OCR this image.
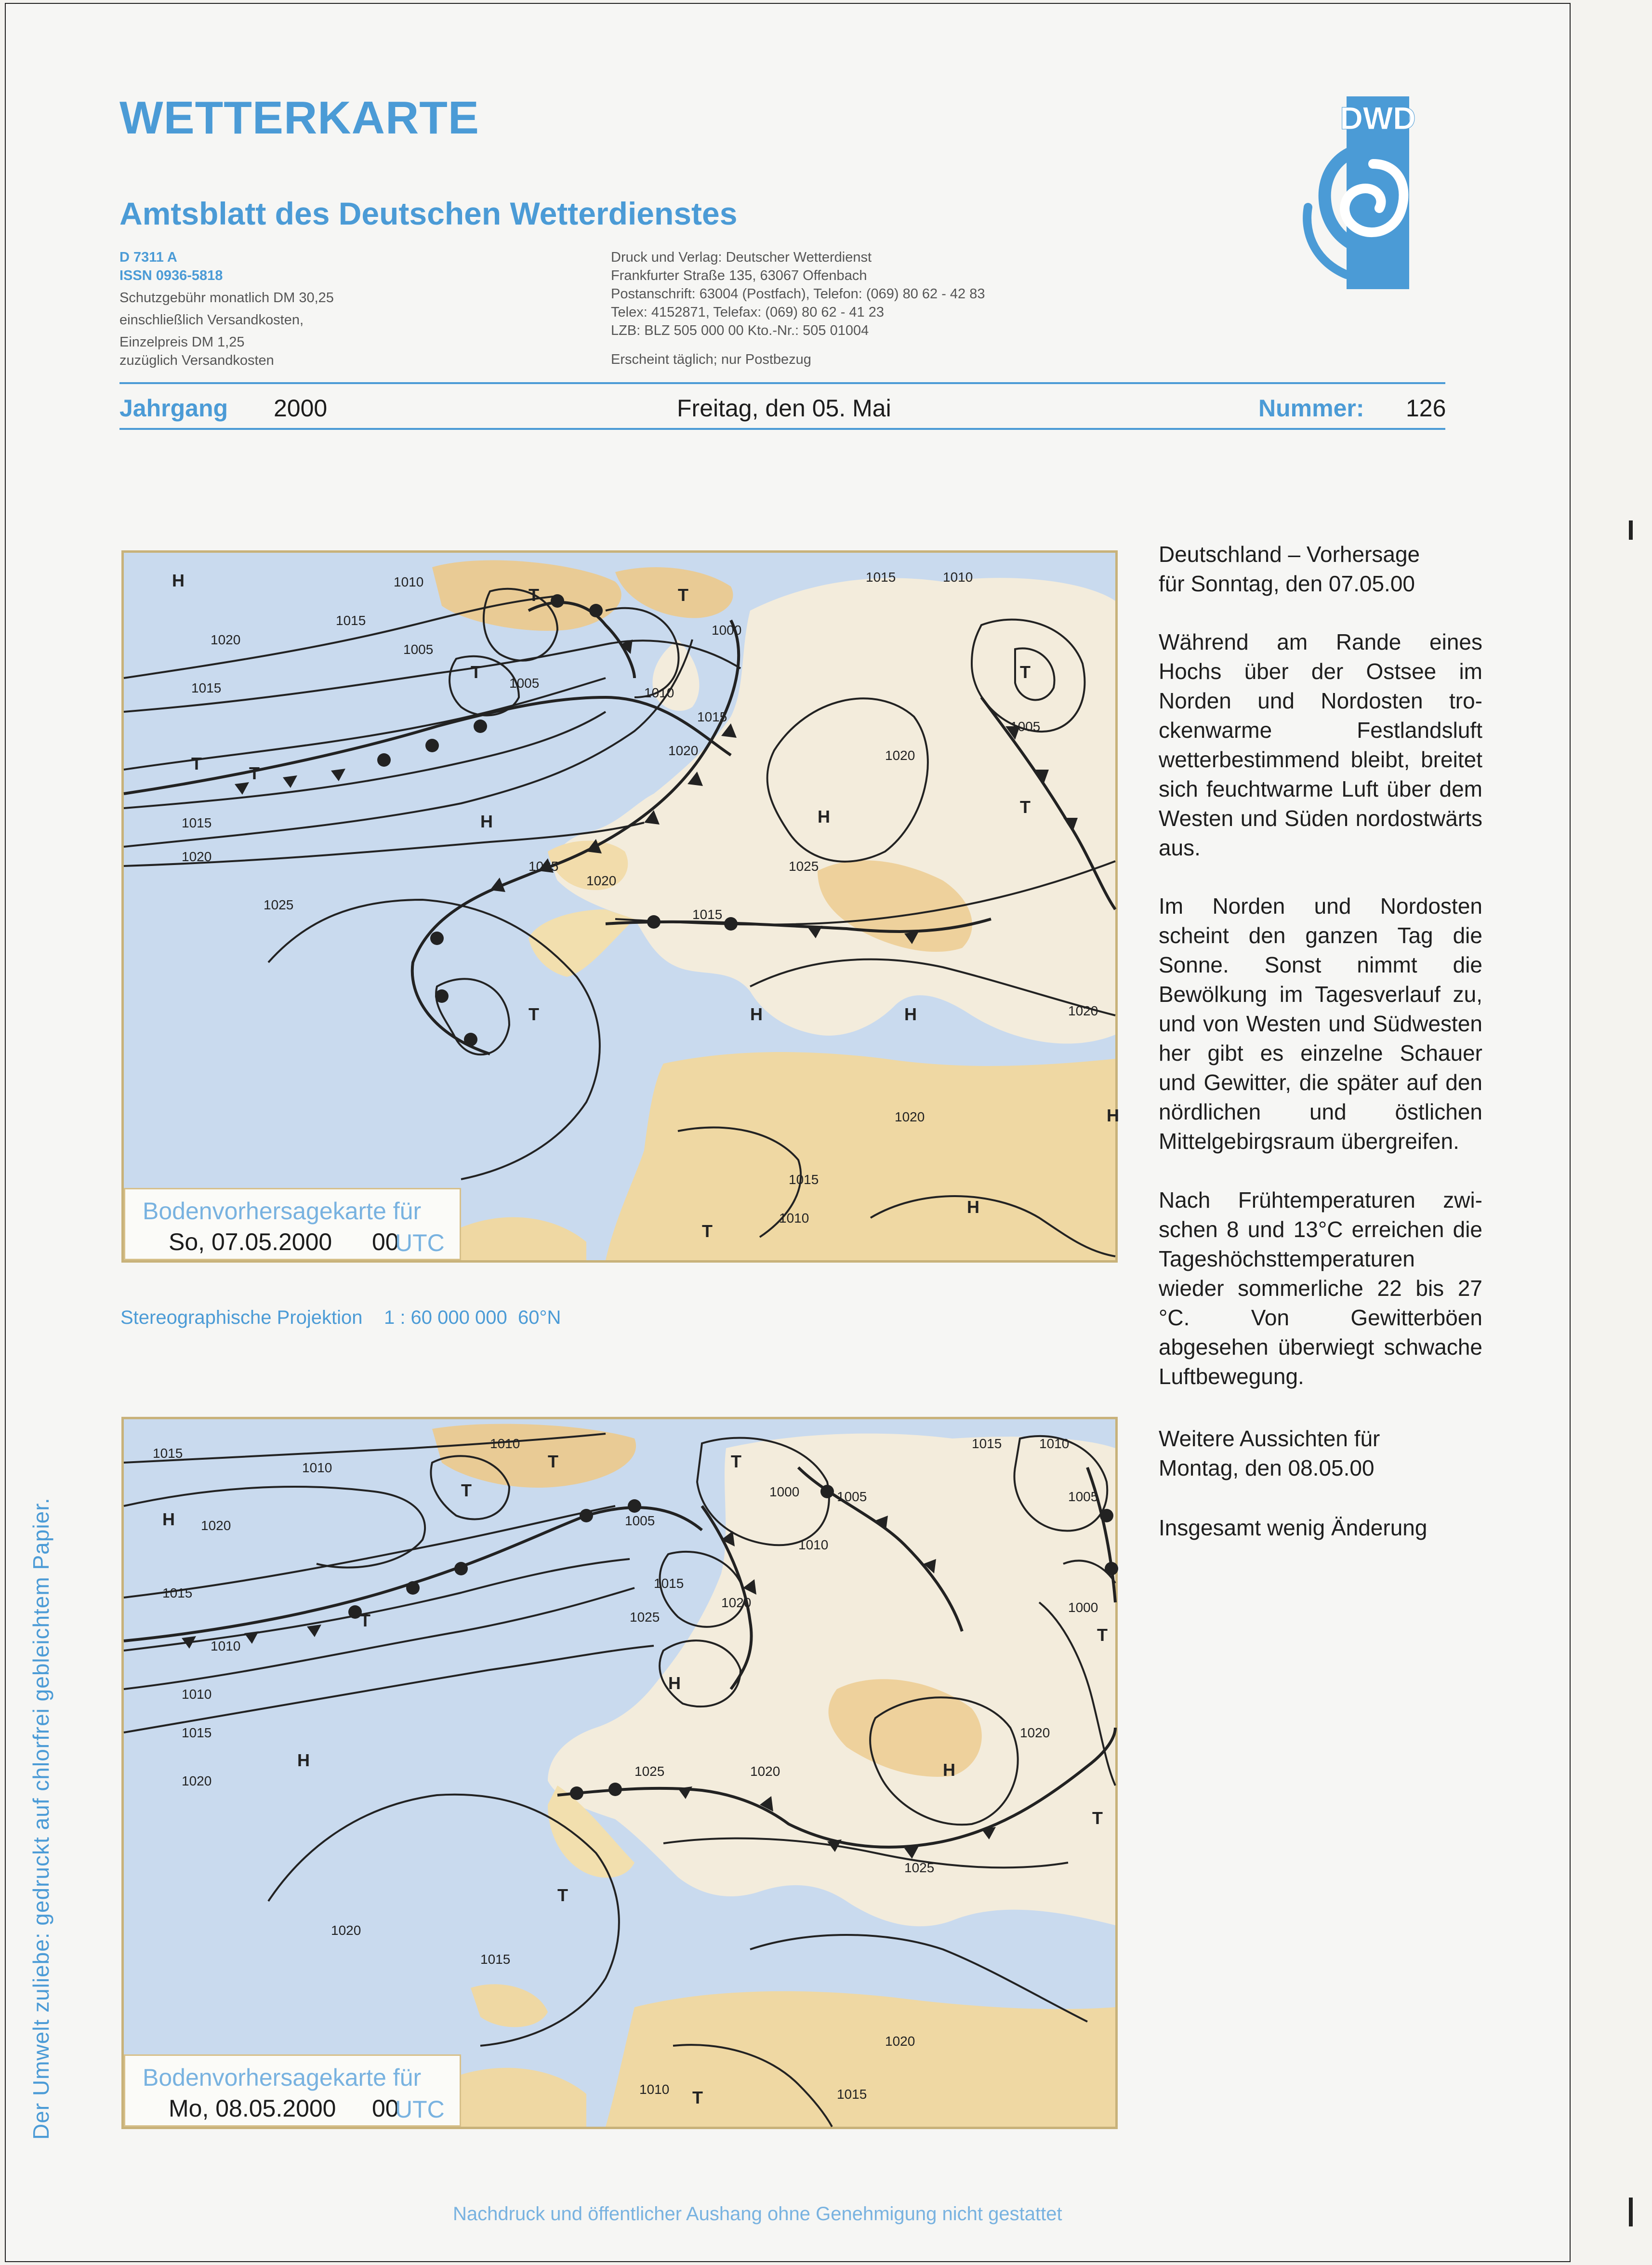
WETTERKARTE
Amtsblatt des Deutschen Wetterdienstes
D 7311 A
ISSN 0936-5818
Schutzgebühr monatlich DM 30,25
einschließlich Versandkosten,
Einzelpreis DM 1,25
zuzüglich Versandkosten
Druck und Verlag: Deutscher Wetterdienst
Frankfurter Straße 135, 63067 Offenbach
Postanschrift: 63004 (Postfach), Telefon: (069) 80 62 - 42 83
Telex: 4152871, Telefax: (069) 80 62 - 41 23
LZB: BLZ 505 000 00 Kto.-Nr.: 505 01004
Erscheint täglich; nur Postbezug
DWD
Jahrgang 2000	Freitag, den 05. Mai	Nummer: 126
H
T	T
T
T	T
H	H
T	H	H
T
H
T
H
T
1010
1015
1020
1015
1005
1005
1010
1000
1015
1010
1015
1020	1020
1005
1015
1020
1025
1025
1020
1025
1015
1020
1020
1015
1010
Bodenvorhersagekarte für
So, 07.05.2000 00
UTC
Stereographische Projektion    1 : 60 000 000  60°N
H
T
T	T
T
H
H
T
H
T
T
T
1015
1010
1020
1010
1000	1005
1005
1010
1015
1020
1025
1015
1010
1010
1015
1020
1015	1010
1005
1000
1020
1025
1020
1025
1020
1015
1020
1010	1015
Bodenvorhersagekarte für
Mo, 08.05.2000 00
UTC
Deutschland – Vorhersage
für Sonntag, den 07.05.00
Während am Rande eines Hochs über der Ostsee im Norden und Nordosten trockenwarme Festlandsluft wetterbestimmend bleibt, breitet sich feuchtwarme Luft über dem Westen und Süden nordostwärts aus.
Im Norden und Nordosten scheint den ganzen Tag die Sonne. Sonst nimmt die Bewölkung im Tagesverlauf zu, und von Westen und Südwesten her gibt es einzelne Schauer und Gewitter, die später auf den nördlichen und östlichen Mittelgebirgsraum übergreifen.
Nach Frühtemperaturen zwischen 8 und 13°C erreichen die Tageshöchsttemperaturen wieder sommerliche 22 bis 27 °C. Von Gewitterböen abgesehen überwiegt schwache Luftbewegung.
Weitere Aussichten für
Montag, den 08.05.00
Insgesamt wenig Änderung
Der Umwelt zuliebe: gedruckt auf chlorfrei gebleichtem Papier.
Nachdruck und öffentlicher Aushang ohne Genehmigung nicht gestattet
